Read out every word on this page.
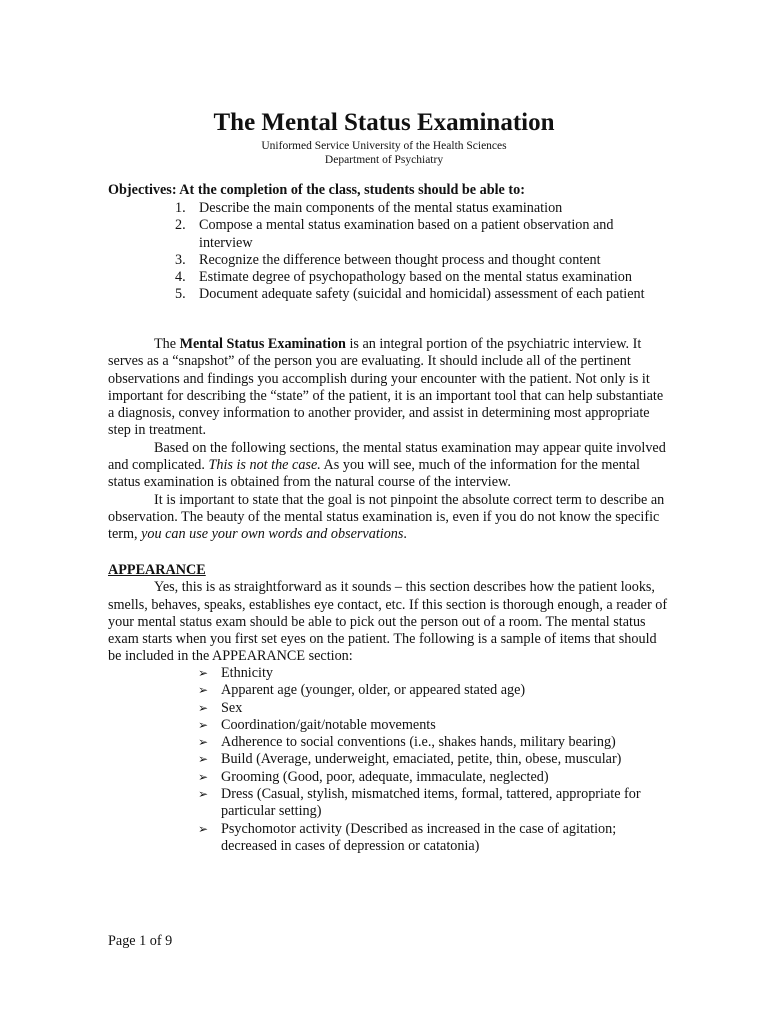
The Mental Status Examination
Uniformed Service University of the Health Sciences
Department of Psychiatry
Objectives: At the completion of the class, students should be able to:
1. Describe the main components of the mental status examination
2. Compose a mental status examination based on a patient observation and interview
3. Recognize the difference between thought process and thought content
4. Estimate degree of psychopathology based on the mental status examination
5. Document adequate safety (suicidal and homicidal) assessment of each patient

The Mental Status Examination is an integral portion of the psychiatric interview. It serves as a “snapshot” of the person you are evaluating. It should include all of the pertinent observations and findings you accomplish during your encounter with the patient. Not only is it important for describing the “state” of the patient, it is an important tool that can help substantiate a diagnosis, convey information to another provider, and assist in determining most appropriate step in treatment.

Based on the following sections, the mental status examination may appear quite involved and complicated. This is not the case. As you will see, much of the information for the mental status examination is obtained from the natural course of the interview.

It is important to state that the goal is not pinpoint the absolute correct term to describe an observation. The beauty of the mental status examination is, even if you do not know the specific term, you can use your own words and observations.

APPEARANCE

Yes, this is as straightforward as it sounds – this section describes how the patient looks, smells, behaves, speaks, establishes eye contact, etc. If this section is thorough enough, a reader of your mental status exam should be able to pick out the person out of a room. The mental status exam starts when you first set eyes on the patient. The following is a sample of items that should be included in the APPEARANCE section:

➢ Ethnicity
➢ Apparent age (younger, older, or appeared stated age)
➢ Sex
➢ Coordination/gait/notable movements
➢ Adherence to social conventions (i.e., shakes hands, military bearing)
➢ Build (Average, underweight, emaciated, petite, thin, obese, muscular)
➢ Grooming (Good, poor, adequate, immaculate, neglected)
➢ Dress (Casual, stylish, mismatched items, formal, tattered, appropriate for particular setting)
➢ Psychomotor activity (Described as increased in the case of agitation; decreased in cases of depression or catatonia)
Page 1 of 9
